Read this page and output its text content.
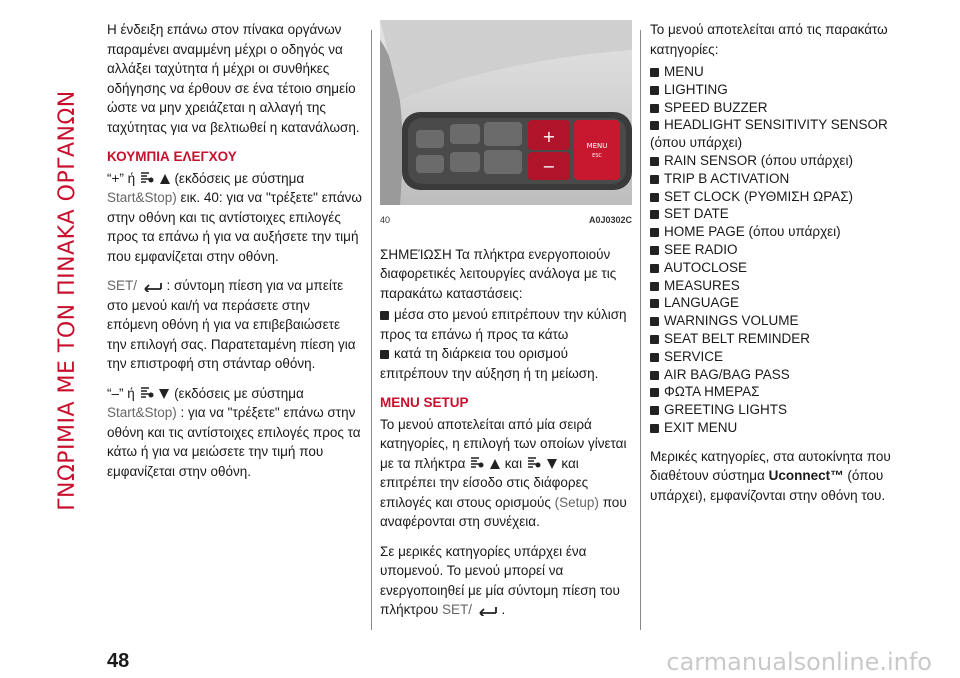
ΓΝΩΡΙΜΙΑ ΜΕ ΤΟΝ ΠΙΝΑΚΑ ΟΡΓΑΝΩΝ

Η ένδειξη επάνω στον πίνακα οργάνων παραμένει αναμμένη μέχρι ο οδηγός να αλλάξει ταχύτητα ή μέχρι οι συνθήκες οδήγησης να έρθουν σε ένα τέτοιο σημείο ώστε να μην χρειάζεται η αλλαγή της ταχύτητας για να βελτιωθεί η κατανάλωση.

ΚΟΥΜΠΙΑ ΕΛΕΓΧΟΥ

“+” ή	(εκδόσεις με σύστημα Start&Stop) εικ. 40: για να "τρέξετε" επάνω στην οθόνη και τις αντίστοιχες επιλογές προς τα επάνω ή για να αυξήσετε την τιμή που εμφανίζεται στην οθόνη.

SET/ : σύντομη πίεση για να μπείτε στο μενού και/ή να περάσετε στην επόμενη οθόνη ή για να επιβεβαιώσετε την επιλογή σας. Παρατεταμένη πίεση για την επιστροφή στη στάνταρ οθόνη.

“–” ή	(εκδόσεις με σύστημα Start&Stop) : για να "τρέξετε" επάνω στην οθόνη και τις αντίστοιχες επιλογές προς τα κάτω ή για να μειώσετε την τιμή που εμφανίζεται στην οθόνη.

+
−
MENU
ESC
40	A0J0302C

ΣΗΜΕΊΩΣΗ Τα πλήκτρα ενεργοποιούν διαφορετικές λειτουργίες ανάλογα με τις παρακάτω καταστάσεις:

μέσα στο μενού επιτρέπουν την κύλιση προς τα επάνω ή προς τα κάτω
κατά τη διάρκεια του ορισμού επιτρέπουν την αύξηση ή τη μείωση.
MENU SETUP

Το μενού αποτελείται από μία σειρά κατηγορίες, η επιλογή των οποίων γίνεται με τα πλήκτρα	και	και επιτρέπει την είσοδο στις διάφορες επιλογές και στους ορισμούς (Setup) που αναφέρονται στη συνέχεια.

Σε μερικές κατηγορίες υπάρχει ένα υπομενού. Το μενού μπορεί να ενεργοποιηθεί με μία σύντομη πίεση του πλήκτρου SET/ .

Το μενού αποτελείται από τις παρακάτω κατηγορίες:

MENU
LIGHTING
SPEED BUZZER
HEADLIGHT SENSITIVITY SENSOR (όπου υπάρχει)
RAIN SENSOR (όπου υπάρχει)
TRIP B ACTIVATION
SET CLOCK (ΡΥΘΜΙΣΗ ΩΡΑΣ)
SET DATE
HOME PAGE (όπου υπάρχει)
SEE RADIO
AUTOCLOSE
MEASURES
LANGUAGE
WARNINGS VOLUME
SEAT BELT REMINDER
SERVICE
AIR BAG/BAG PASS
ΦΩΤΑ ΗΜΕΡΑΣ
GREETING LIGHTS
EXIT MENU

Μερικές κατηγορίες, στα αυτοκίνητα που διαθέτουν σύστημα Uconnect™ (όπου υπάρχει), εμφανίζονται στην οθόνη του.

48	carmanualsonline.info
